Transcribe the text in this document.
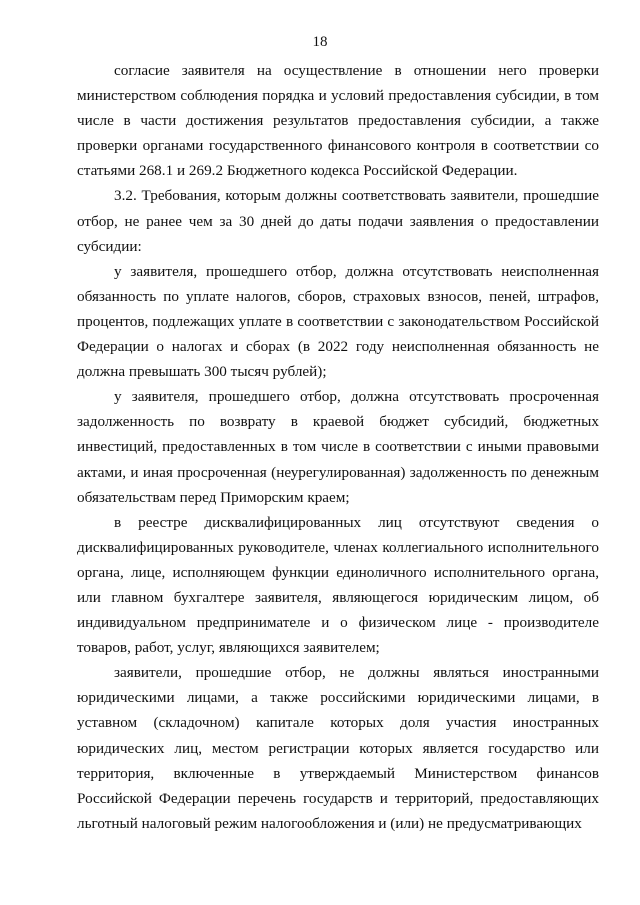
18

согласие заявителя на осуществление в отношении него проверки министерством соблюдения порядка и условий предоставления субсидии, в том числе в части достижения результатов предоставления субсидии, а также проверки органами государственного финансового контроля в соответствии со статьями 268.1 и 269.2 Бюджетного кодекса Российской Федерации.

3.2. Требования, которым должны соответствовать заявители, прошедшие отбор, не ранее чем за 30 дней до даты подачи заявления о предоставлении субсидии:

у заявителя, прошедшего отбор, должна отсутствовать неисполненная обязанность по уплате налогов, сборов, страховых взносов, пеней, штрафов, процентов, подлежащих уплате в соответствии с законодательством Российской Федерации о налогах и сборах (в 2022 году неисполненная обязанность не должна превышать 300 тысяч рублей);

у заявителя, прошедшего отбор, должна отсутствовать просроченная задолженность по возврату в краевой бюджет субсидий, бюджетных инвестиций, предоставленных в том числе в соответствии с иными правовыми актами, и иная просроченная (неурегулированная) задолженность по денежным обязательствам перед Приморским краем;

в реестре дисквалифицированных лиц отсутствуют сведения о дисквалифицированных руководителе, членах коллегиального исполнительного органа, лице, исполняющем функции единоличного исполнительного органа, или главном бухгалтере заявителя, являющегося юридическим лицом, об индивидуальном предпринимателе и о физическом лице - производителе товаров, работ, услуг, являющихся заявителем;

заявители, прошедшие отбор, не должны являться иностранными юридическими лицами, а также российскими юридическими лицами, в уставном (складочном) капитале которых доля участия иностранных юридических лиц, местом регистрации которых является государство или территория, включенные в утверждаемый Министерством финансов Российской Федерации перечень государств и территорий, предоставляющих льготный налоговый режим налогообложения и (или) не предусматривающих
